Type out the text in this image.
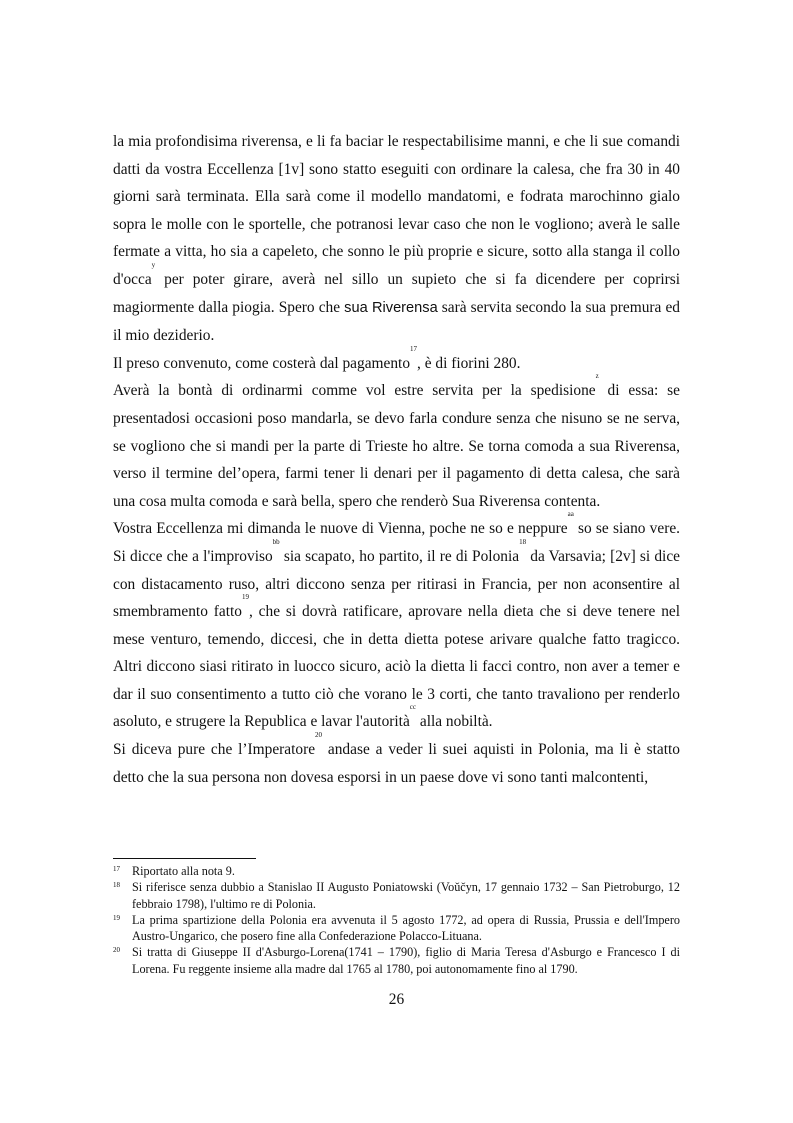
la mia profondisima riverensa, e li fa baciar le respectabilisime manni, e che li sue comandi datti da vostra Eccellenza [1v] sono statto eseguiti con ordinare la calesa, che fra 30 in 40 giorni sarà terminata. Ella sarà come il modello mandatomi, e fodrata marochinno gialo sopra le molle con le sportelle, che potranosi levar caso che non le vogliono; averà le salle fermate a vitta, ho sia a capeleto, che sonno le più proprie e sicure, sotto alla stanga il collo d'occa$^y$ per poter girare, averà nel sillo un supieto che si fa dicendere per coprirsi magiormente dalla piogia. Spero che sua Riverensa sarà servita secondo la sua premura ed il mio deziderio.

Il preso convenuto, come costerà dal pagamento$^{17}$, è di fiorini 280.

Averà la bontà di ordinarmi comme vol estre servita per la spedisione$^z$ di essa: se presentadosi occasioni poso mandarla, se devo farla condure senza che nisuno se ne serva, se vogliono che si mandi per la parte di Trieste ho altre. Se torna comoda a sua Riverensa, verso il termine del’opera, farmi tener li denari per il pagamento di detta calesa, che sarà una cosa multa comoda e sarà bella, spero che renderò Sua Riverensa contenta.

Vostra Eccellenza mi dimanda le nuove di Vienna, poche ne so e neppure$^{aa}$ so se siano vere. Si dicce che a l'improviso$^{bb}$ sia scapato, ho partito, il re di Polonia$^{18}$ da Varsavia; [2v] si dice con distacamento ruso, altri diccono senza per ritirasi in Francia, per non aconsentire al smembramento fatto$^{19}$, che si dovrà ratificare, aprovare nella dieta che si deve tenere nel mese venturo, temendo, diccesi, che in detta dietta potese arivare qualche fatto tragicco. Altri diccono siasi ritirato in luocco sicuro, aciò la dietta li facci contro, non aver a temer e dar il suo consentimento a tutto ciò che vorano le 3 corti, che tanto travaliono per renderlo asoluto, e strugere la Republica e lavar l'autorità$^{cc}$ alla nobiltà.

Si diceva pure che l’Imperatore$^{20}$ andase a veder li suei aquisti in Polonia, ma li è statto detto che la sua persona non dovesa esporsi in un paese dove vi sono tanti malcontenti,

17 Riportato alla nota 9.
18 Si riferisce senza dubbio a Stanislao II Augusto Poniatowski (Voǔčyn, 17 gennaio 1732 – San Pietroburgo, 12 febbraio 1798), l'ultimo re di Polonia.
19 La prima spartizione della Polonia era avvenuta il 5 agosto 1772, ad opera di Russia, Prussia e dell'Impero Austro-Ungarico, che posero fine alla Confederazione Polacco-Lituana.
20 Si tratta di Giuseppe II d'Asburgo-Lorena(1741 – 1790), figlio di Maria Teresa d'Asburgo e Francesco I di Lorena. Fu reggente insieme alla madre dal 1765 al 1780, poi autonomamente fino al 1790.
26
